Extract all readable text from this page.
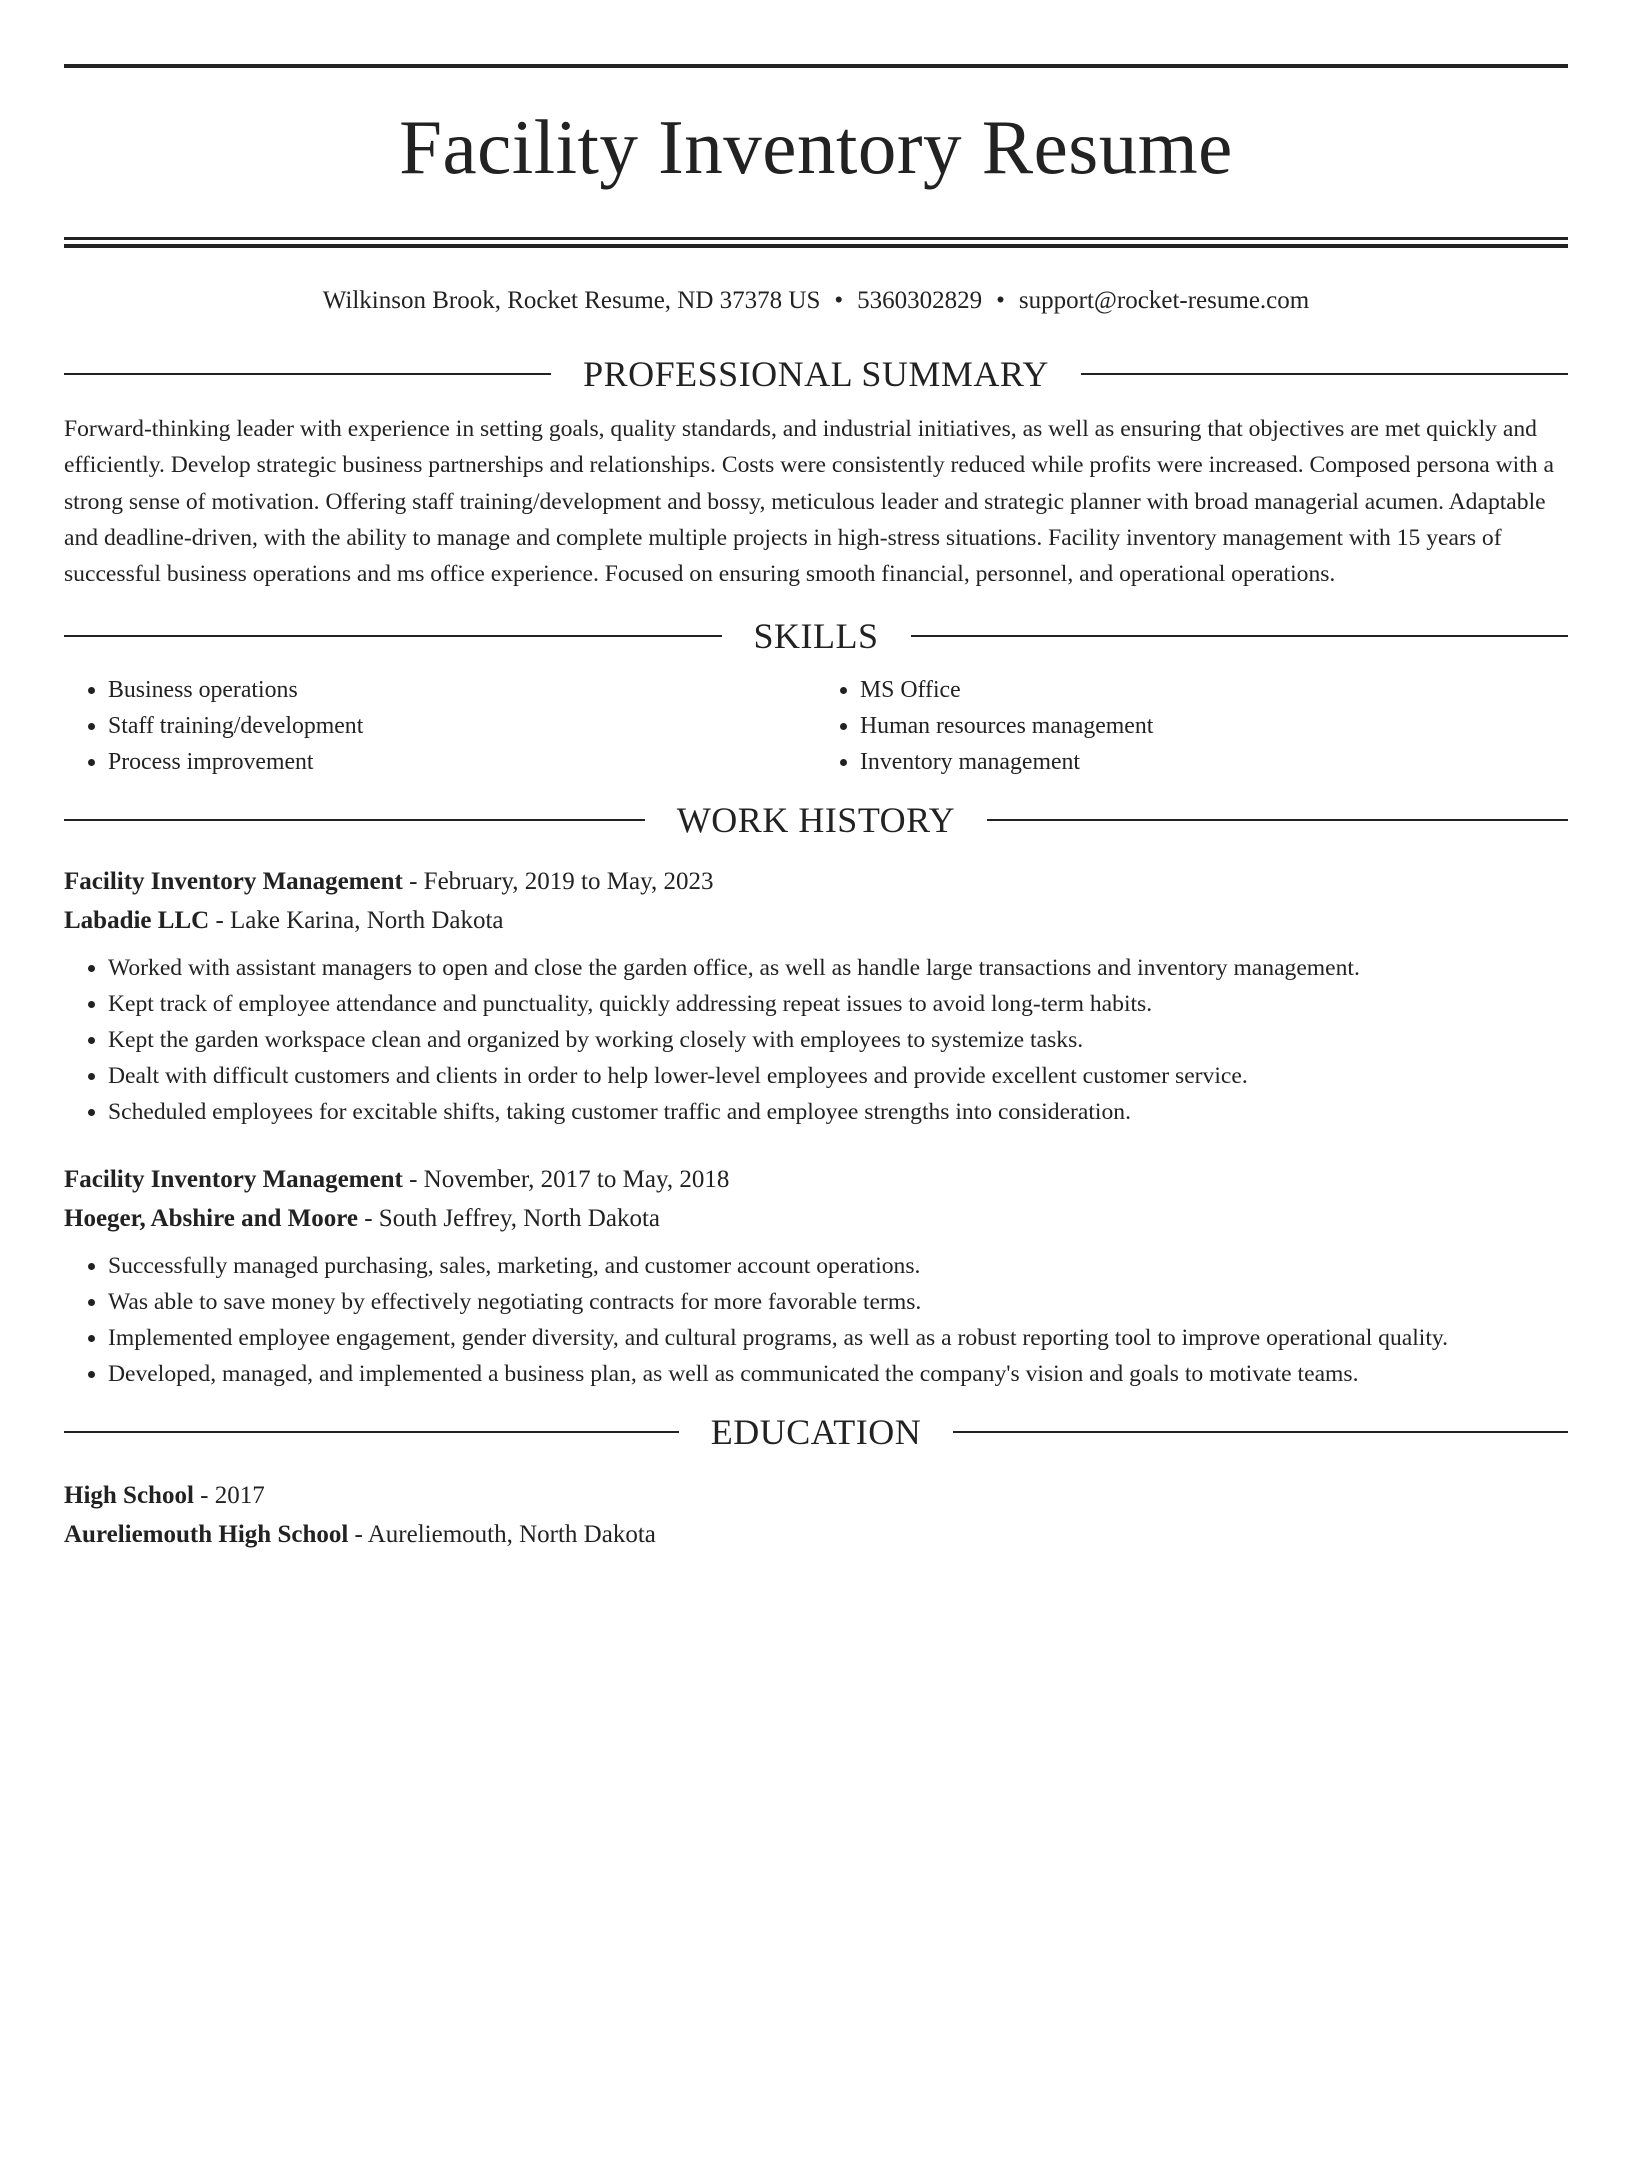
Facility Inventory Resume
Wilkinson Brook, Rocket Resume, ND 37378 US • 5360302829 • support@rocket-resume.com
PROFESSIONAL SUMMARY
Forward-thinking leader with experience in setting goals, quality standards, and industrial initiatives, as well as ensuring that objectives are met quickly and efficiently. Develop strategic business partnerships and relationships. Costs were consistently reduced while profits were increased. Composed persona with a strong sense of motivation. Offering staff training/development and bossy, meticulous leader and strategic planner with broad managerial acumen. Adaptable and deadline-driven, with the ability to manage and complete multiple projects in high-stress situations. Facility inventory management with 15 years of successful business operations and ms office experience. Focused on ensuring smooth financial, personnel, and operational operations.
SKILLS
• Business operations
• Staff training/development
• Process improvement
• MS Office
• Human resources management
• Inventory management
WORK HISTORY
Facility Inventory Management - February, 2019 to May, 2023
Labadie LLC - Lake Karina, North Dakota
• Worked with assistant managers to open and close the garden office, as well as handle large transactions and inventory management.
• Kept track of employee attendance and punctuality, quickly addressing repeat issues to avoid long-term habits.
• Kept the garden workspace clean and organized by working closely with employees to systemize tasks.
• Dealt with difficult customers and clients in order to help lower-level employees and provide excellent customer service.
• Scheduled employees for excitable shifts, taking customer traffic and employee strengths into consideration.
Facility Inventory Management - November, 2017 to May, 2018
Hoeger, Abshire and Moore - South Jeffrey, North Dakota
• Successfully managed purchasing, sales, marketing, and customer account operations.
• Was able to save money by effectively negotiating contracts for more favorable terms.
• Implemented employee engagement, gender diversity, and cultural programs, as well as a robust reporting tool to improve operational quality.
• Developed, managed, and implemented a business plan, as well as communicated the company's vision and goals to motivate teams.
EDUCATION
High School - 2017
Aureliemouth High School - Aureliemouth, North Dakota
